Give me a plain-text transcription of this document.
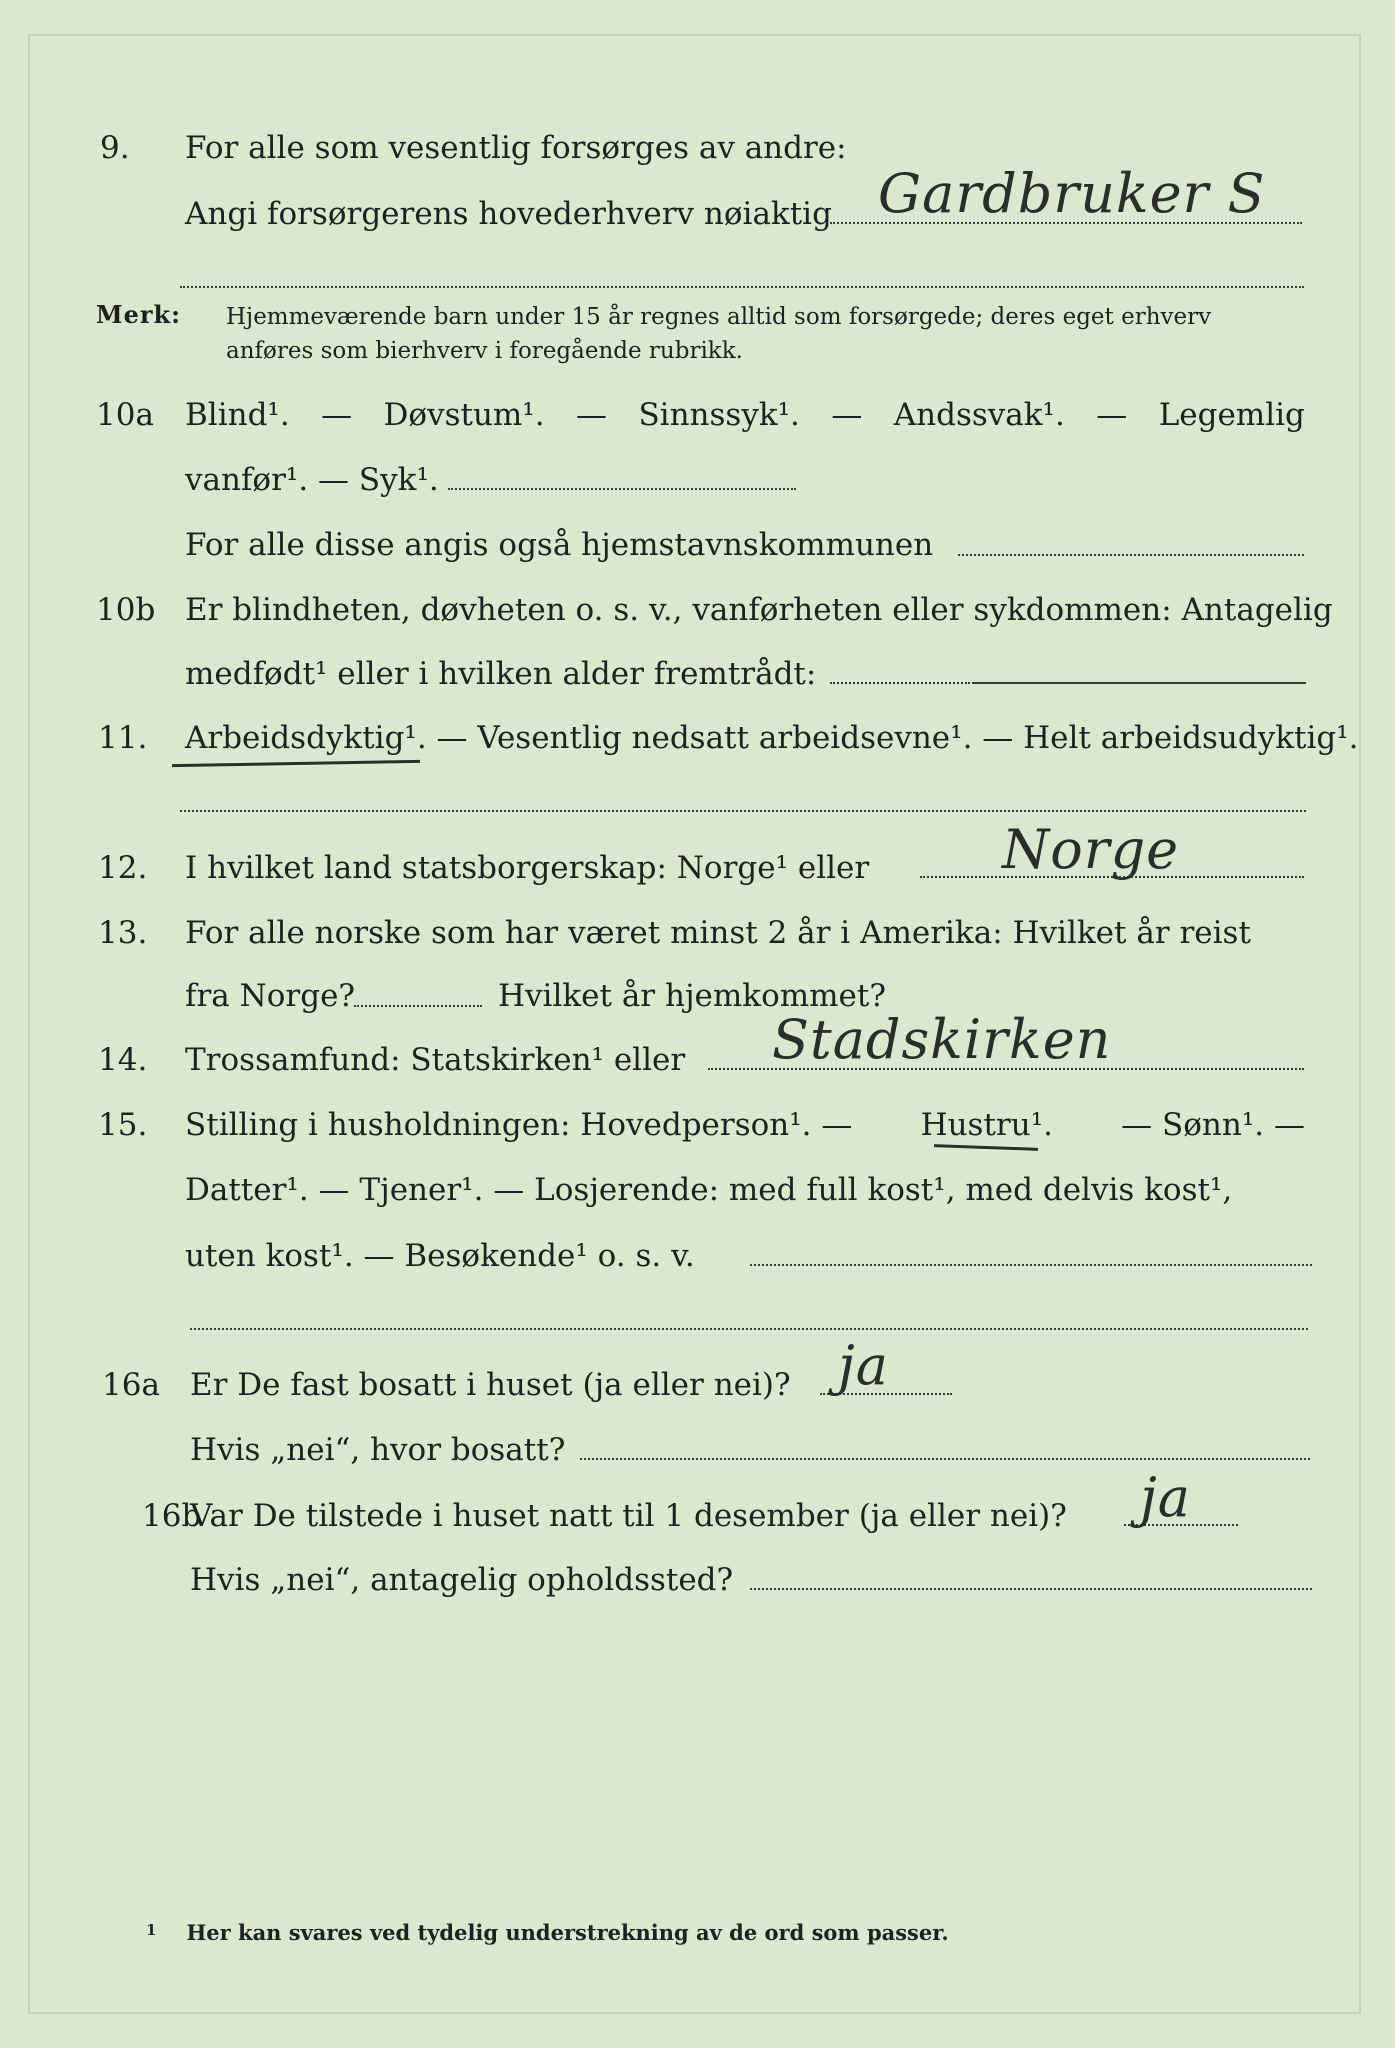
9. For alle som vesentlig forsørges av andre:
Angi forsørgerens hovederhverv nøiaktig Gardbruker S
Merk: Hjemmeværende barn under 15 år regnes alltid som forsørgede; deres eget erhverv
anføres som bierhverv i foregående rubrikk.
10a Blind¹. — Døvstum¹. — Sinnssyk¹. — Andssvak¹. — Legemlig
vanfør¹. — Syk¹.
For alle disse angis også hjemstavnskommunen
10b Er blindheten, døvheten o. s. v., vanførheten eller sykdommen: Antagelig
medfødt¹ eller i hvilken alder fremtrådt:
11. Arbeidsdyktig¹. — Vesentlig nedsatt arbeidsevne¹. — Helt arbeidsudyktig¹.
12. I hvilket land statsborgerskap: Norge¹ eller	Norge
13. For alle norske som har været minst 2 år i Amerika: Hvilket år reist
fra Norge?	Hvilket år hjemkommet?
14. Trossamfund: Statskirken¹ eller	Stadskirken
15. Stilling i husholdningen: Hovedperson¹. — Hustru¹. — Sønn¹. —
Datter¹. — Tjener¹. — Losjerende: med full kost¹, med delvis kost¹,
uten kost¹. — Besøkende¹ o. s. v.
16a Er De fast bosatt i huset (ja eller nei)? ja
Hvis „nei“, hvor bosatt?
16b
Var De tilstede i huset natt til 1 desember (ja eller nei)?	ja
Hvis „nei“, antagelig opholdssted?
$^1$ Her kan svares ved tydelig understrekning av de ord som passer.
